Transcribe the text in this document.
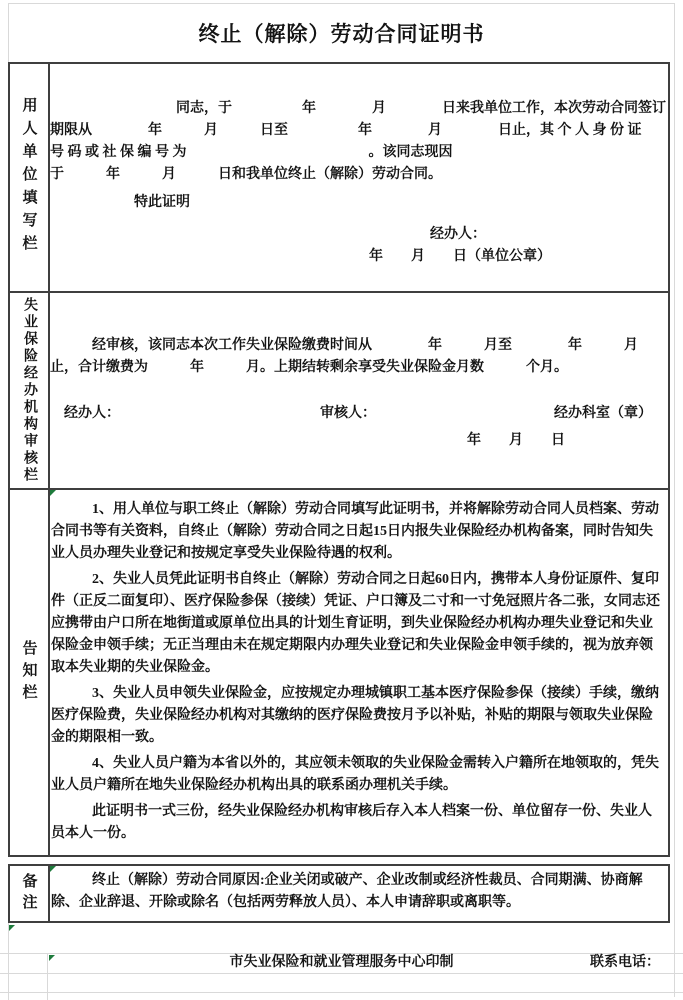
终止（解除）劳动合同证明书
用人单位填写栏 　　　　　　　　　同志，于　　　　　年　　　　月　　　　日来我单位工作，本次劳动合同签订
期限从　　　　年　　　月　　　日至　　　　　年　　　　月　　　　日止，其 个 人 身 份 证
号 码 或 社 保 编 号 为　　　　　　　　　　　　　。该同志现因
于　　　年　　　月　　　日和我单位终止（解除）劳动合同。
特此证明
经办人：
年　　月　　日（单位公章）
失业保险经办机构审核栏 　　　经审核，该同志本次工作失业保险缴费时间从　　　　年　　　月至　　　　年　　　月
止，合计缴费为　　　年　　　月。上期结转剩余享受失业保险金月数　　　个月。
经办人：	审核人：	经办科室（章）
年　　月　　日
告知栏

1、用人单位与职工终止（解除）劳动合同填写此证明书，并将解除劳动合同人员档案、劳动合同书等有关资料，自终止（解除）劳动合同之日起15日内报失业保险经办机构备案，同时告知失业人员办理失业登记和按规定享受失业保险待遇的权利。

2、失业人员凭此证明书自终止（解除）劳动合同之日起60日内，携带本人身份证原件、复印件（正反二面复印）、医疗保险参保（接续）凭证、户口簿及二寸和一寸免冠照片各二张，女同志还应携带由户口所在地街道或原单位出具的计划生育证明，到失业保险经办机构办理失业登记和失业保险金申领手续；无正当理由未在规定期限内办理失业登记和失业保险金申领手续的，视为放弃领取本失业期的失业保险金。

3、失业人员申领失业保险金，应按规定办理城镇职工基本医疗保险参保（接续）手续，缴纳医疗保险费，失业保险经办机构对其缴纳的医疗保险费按月予以补贴，补贴的期限与领取失业保险金的期限相一致。

4、失业人员户籍为本省以外的，其应领未领取的失业保险金需转入户籍所在地领取的，凭失业人员户籍所在地失业保险经办机构出具的联系函办理机关手续。

此证明书一式三份，经失业保险经办机构审核后存入本人档案一份、单位留存一份、失业人员本人一份。

备注	终止（解除）劳动合同原因:企业关闭或破产、企业改制或经济性裁员、合同期满、协商解除、企业辞退、开除或除名（包括两劳释放人员）、本人申请辞职或离职等。
市失业保险和就业管理服务中心印制	联系电话：
